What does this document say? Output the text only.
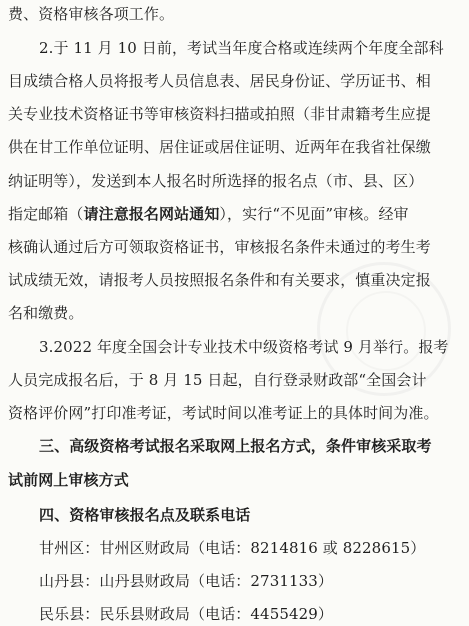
费、资格审核各项工作。
2.于 11 月 10 日前，考试当年度合格或连续两个年度全部科
目成绩合格人员将报考人员信息表、居民身份证、学历证书、相
关专业技术资格证书等审核资料扫描或拍照（非甘肃籍考生应提
供在甘工作单位证明、居住证或居住证明、近两年在我省社保缴
纳证明等），发送到本人报名时所选择的报名点（市、县、区）
指定邮箱（请注意报名网站通知），实行“不见面”审核。经审
核确认通过后方可领取资格证书，审核报名条件未通过的考生考
试成绩无效，请报考人员按照报名条件和有关要求，慎重决定报
名和缴费。
3.2022 年度全国会计专业技术中级资格考试 9 月举行。报考
人员完成报名后，于 8 月 15 日起，自行登录财政部“全国会计
资格评价网”打印准考证，考试时间以准考证上的具体时间为准。
三、高级资格考试报名采取网上报名方式，条件审核采取考
试前网上审核方式
四、资格审核报名点及联系电话
甘州区：甘州区财政局（电话：8214816 或 8228615）
山丹县：山丹县财政局（电话：2731133）
民乐县：民乐县财政局（电话：4455429）
